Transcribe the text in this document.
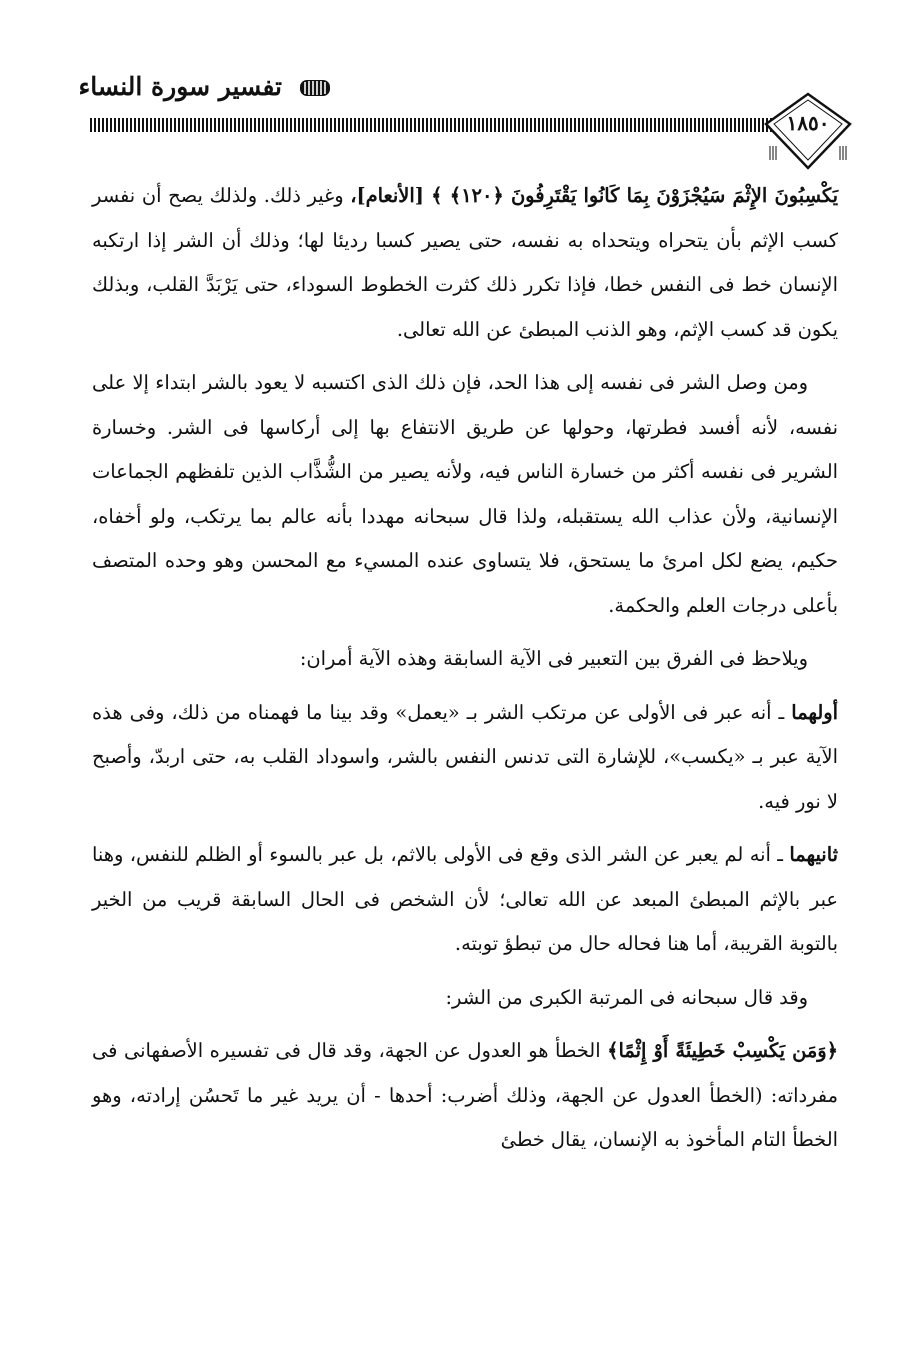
تفسير سورة النساء
١٨٥٠

يَكْسِبُونَ الإِثْمَ سَيُجْزَوْنَ بِمَا كَانُوا يَقْتَرِفُونَ ﴿١٢٠﴾ ﴾ [الأنعام]، وغير ذلك. ولذلك يصح أن نفسر كسب الإثم بأن يتحراه ويتحداه به نفسه، حتى يصير كسبا رديئا لها؛ وذلك أن الشر إذا ارتكبه الإنسان خط فى النفس خطا، فإذا تكرر ذلك كثرت الخطوط السوداء، حتى يَرْبَدَّ القلب، وبذلك يكون قد كسب الإثم، وهو الذنب المبطئ عن الله تعالى.

ومن وصل الشر فى نفسه إلى هذا الحد، فإن ذلك الذى اكتسبه لا يعود بالشر ابتداء إلا على نفسه، لأنه أفسد فطرتها، وحولها عن طريق الانتفاع بها إلى أركاسها فى الشر. وخسارة الشرير فى نفسه أكثر من خسارة الناس فيه، ولأنه يصير من الشُّذَّاب الذين تلفظهم الجماعات الإنسانية، ولأن عذاب الله يستقبله، ولذا قال سبحانه مهددا بأنه عالم بما يرتكب، ولو أخفاه، حكيم، يضع لكل امرئ ما يستحق، فلا يتساوى عنده المسيء مع المحسن وهو وحده المتصف بأعلى درجات العلم والحكمة.

ويلاحظ فى الفرق بين التعبير فى الآية السابقة وهذه الآية أمران:

أولهما ـ أنه عبر فى الأولى عن مرتكب الشر بـ «يعمل» وقد بينا ما فهمناه من ذلك، وفى هذه الآية عبر بـ «يكسب»، للإشارة التى تدنس النفس بالشر، واسوداد القلب به، حتى اربدّ، وأصبح لا نور فيه.

ثانيهما ـ أنه لم يعبر عن الشر الذى وقع فى الأولى بالاثم، بل عبر بالسوء أو الظلم للنفس، وهنا عبر بالإثم المبطئ المبعد عن الله تعالى؛ لأن الشخص فى الحال السابقة قريب من الخير بالتوبة القريبة، أما هنا فحاله حال من تبطؤ توبته.

وقد قال سبحانه فى المرتبة الكبرى من الشر:

﴿وَمَن يَكْسِبْ خَطِيئَةً أَوْ إِثْمًا﴾ الخطأ هو العدول عن الجهة، وقد قال فى تفسيره الأصفهانى فى مفرداته: (الخطأ العدول عن الجهة، وذلك أضرب: أحدها - أن يريد غير ما تَحسُن إرادته، وهو الخطأ التام المأخوذ به الإنسان، يقال خطئ
